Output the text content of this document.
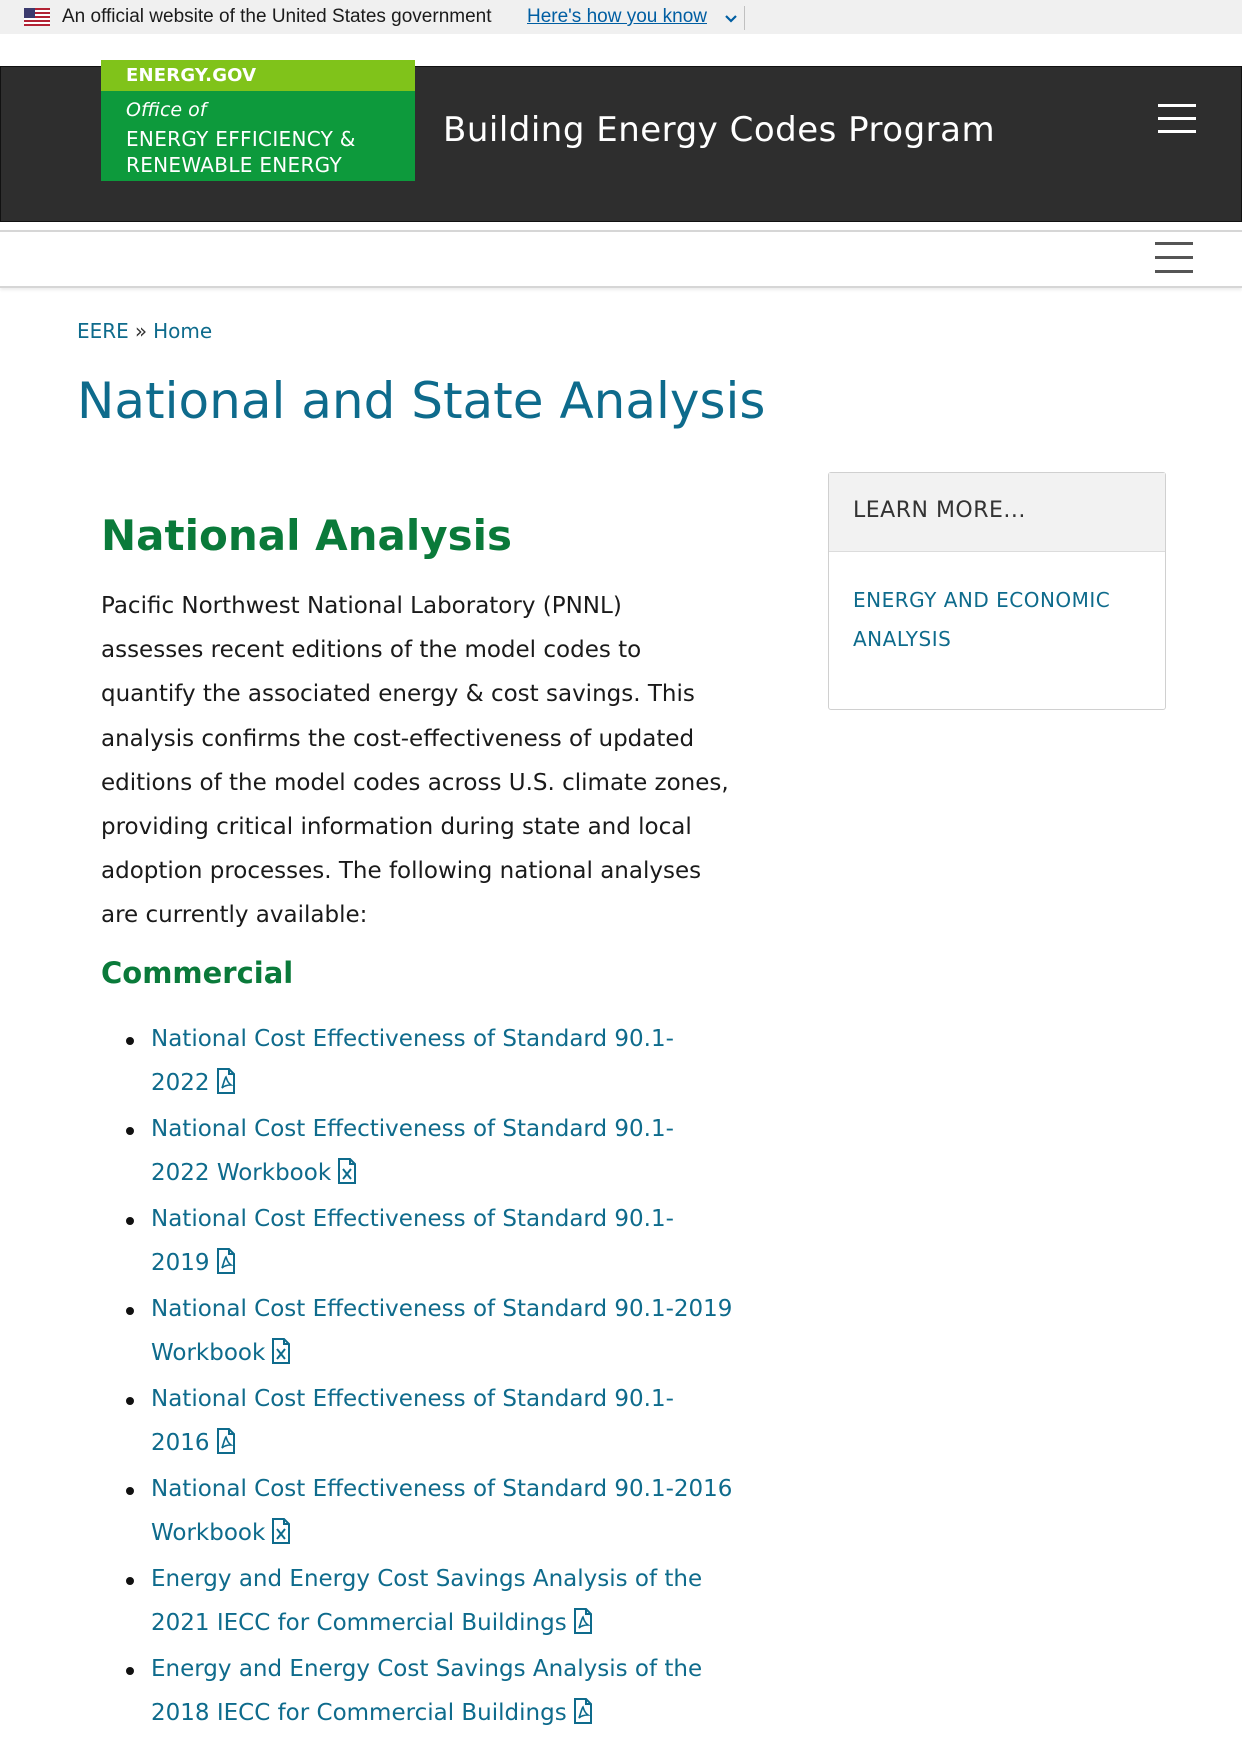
An official website of the United States government Here's how you know
ENERGY.GOV
Office of
ENERGY EFFICIENCY &
RENEWABLE ENERGY
Building Energy Codes Program
EERE » Home
National and State Analysis
National Analysis

Pacific Northwest National Laboratory (PNNL)
assesses recent editions of the model codes to
quantify the associated energy & cost savings. This
analysis confirms the cost-effectiveness of updated
editions of the model codes across U.S. climate zones,
providing critical information during state and local
adoption processes. The following national analyses
are currently available:

Commercial
National Cost Effectiveness of Standard 90.1-
2022
National Cost Effectiveness of Standard 90.1-
2022 Workbook
National Cost Effectiveness of Standard 90.1-
2019
National Cost Effectiveness of Standard 90.1-2019
Workbook
National Cost Effectiveness of Standard 90.1-
2016
National Cost Effectiveness of Standard 90.1-2016
Workbook
Energy and Energy Cost Savings Analysis of the
2021 IECC for Commercial Buildings
Energy and Energy Cost Savings Analysis of the
2018 IECC for Commercial Buildings
LEARN MORE...
ENERGY AND ECONOMIC
ANALYSIS
